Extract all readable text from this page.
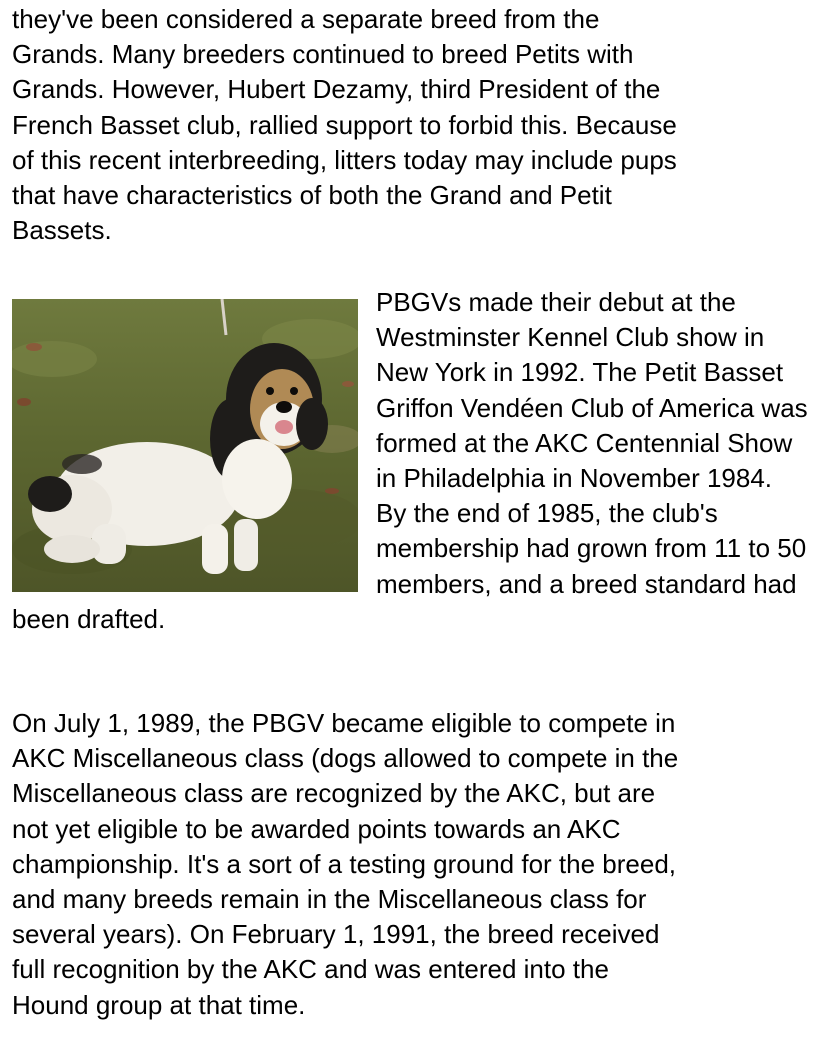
they've been considered a separate breed from the
Grands. Many breeders continued to breed Petits with
Grands. However, Hubert Dezamy, third President of the
French Basset club, rallied support to forbid this. Because
of this recent interbreeding, litters today may include pups
that have characteristics of both the Grand and Petit
Bassets.

PBGVs made their debut at the Westminster Kennel Club show in New York in 1992. The Petit Basset Griffon Vendéen Club of America was formed at the AKC Centennial Show in Philadelphia in November 1984. By the end of 1985, the club's membership had grown from 11 to 50 members, and a breed standard had been drafted.

On July 1, 1989, the PBGV became eligible to compete in
AKC Miscellaneous class (dogs allowed to compete in the
Miscellaneous class are recognized by the AKC, but are
not yet eligible to be awarded points towards an AKC
championship. It's a sort of a testing ground for the breed,
and many breeds remain in the Miscellaneous class for
several years). On February 1, 1991, the breed received
full recognition by the AKC and was entered into the
Hound group at that time.
